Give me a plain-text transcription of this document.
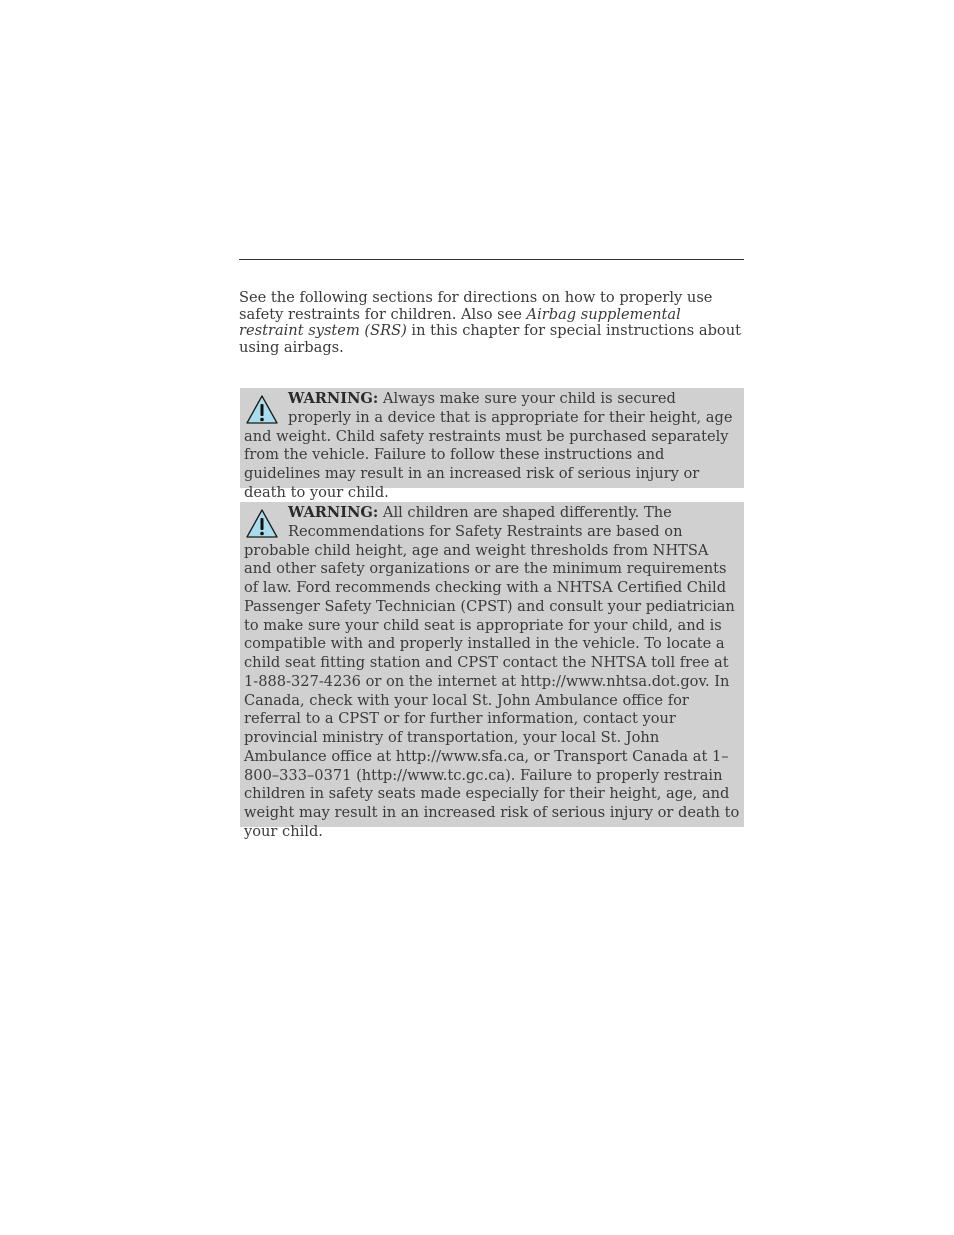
See the following sections for directions on how to properly use safety restraints for children. Also see Airbag supplemental restraint system (SRS) in this chapter for special instructions about using airbags.

WARNING: Always make sure your child is secured properly in a device that is appropriate for their height, age and weight. Child safety restraints must be purchased separately from the vehicle. Failure to follow these instructions and guidelines may result in an increased risk of serious injury or death to your child.

WARNING: All children are shaped differently. The Recommendations for Safety Restraints are based on probable child height, age and weight thresholds from NHTSA and other safety organizations or are the minimum requirements of law. Ford recommends checking with a NHTSA Certified Child Passenger Safety Technician (CPST) and consult your pediatrician to make sure your child seat is appropriate for your child, and is compatible with and properly installed in the vehicle. To locate a child seat fitting station and CPST contact the NHTSA toll free at 1-888-327-4236 or on the internet at http://www.nhtsa.dot.gov. In Canada, check with your local St. John Ambulance office for referral to a CPST or for further information, contact your provincial ministry of transportation, your local St. John Ambulance office at http://www.sfa.ca, or Transport Canada at 1–800–333–0371 (http://www.tc.gc.ca). Failure to properly restrain children in safety seats made especially for their height, age, and weight may result in an increased risk of serious injury or death to your child.
